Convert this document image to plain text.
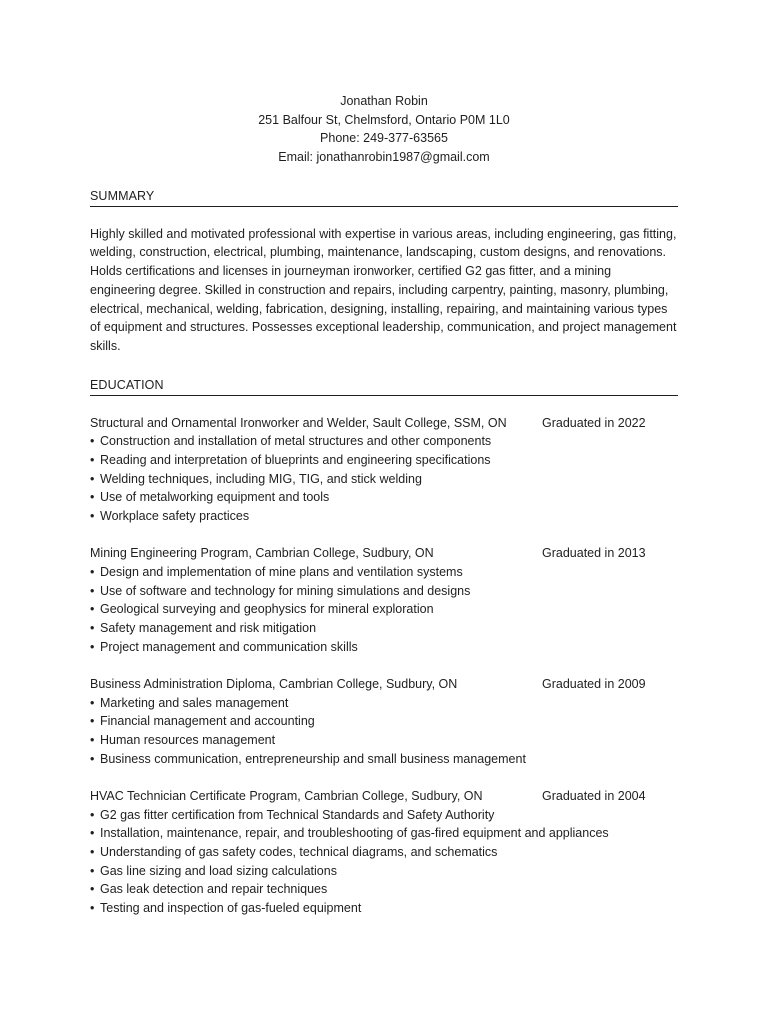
Jonathan Robin
251 Balfour St, Chelmsford, Ontario P0M 1L0
Phone: 249-377-63565
Email: jonathanrobin1987@gmail.com
SUMMARY
Highly skilled and motivated professional with expertise in various areas, including engineering, gas fitting, welding, construction, electrical, plumbing, maintenance, landscaping, custom designs, and renovations. Holds certifications and licenses in journeyman ironworker, certified G2 gas fitter, and a mining engineering degree. Skilled in construction and repairs, including carpentry, painting, masonry, plumbing, electrical, mechanical, welding, fabrication, designing, installing, repairing, and maintaining various types of equipment and structures. Possesses exceptional leadership, communication, and project management skills.
EDUCATION
Structural and Ornamental Ironworker and Welder, Sault College, SSM, ON	Graduated in 2022
• Construction and installation of metal structures and other components
• Reading and interpretation of blueprints and engineering specifications
• Welding techniques, including MIG, TIG, and stick welding
• Use of metalworking equipment and tools
• Workplace safety practices
Mining Engineering Program, Cambrian College, Sudbury, ON	Graduated in 2013
• Design and implementation of mine plans and ventilation systems
• Use of software and technology for mining simulations and designs
• Geological surveying and geophysics for mineral exploration
• Safety management and risk mitigation
• Project management and communication skills
Business Administration Diploma, Cambrian College, Sudbury, ON	Graduated in 2009
• Marketing and sales management
• Financial management and accounting
• Human resources management
• Business communication, entrepreneurship and small business management
HVAC Technician Certificate Program, Cambrian College, Sudbury, ON	Graduated in 2004
• G2 gas fitter certification from Technical Standards and Safety Authority
• Installation, maintenance, repair, and troubleshooting of gas-fired equipment and appliances
• Understanding of gas safety codes, technical diagrams, and schematics
• Gas line sizing and load sizing calculations
• Gas leak detection and repair techniques
• Testing and inspection of gas-fueled equipment
